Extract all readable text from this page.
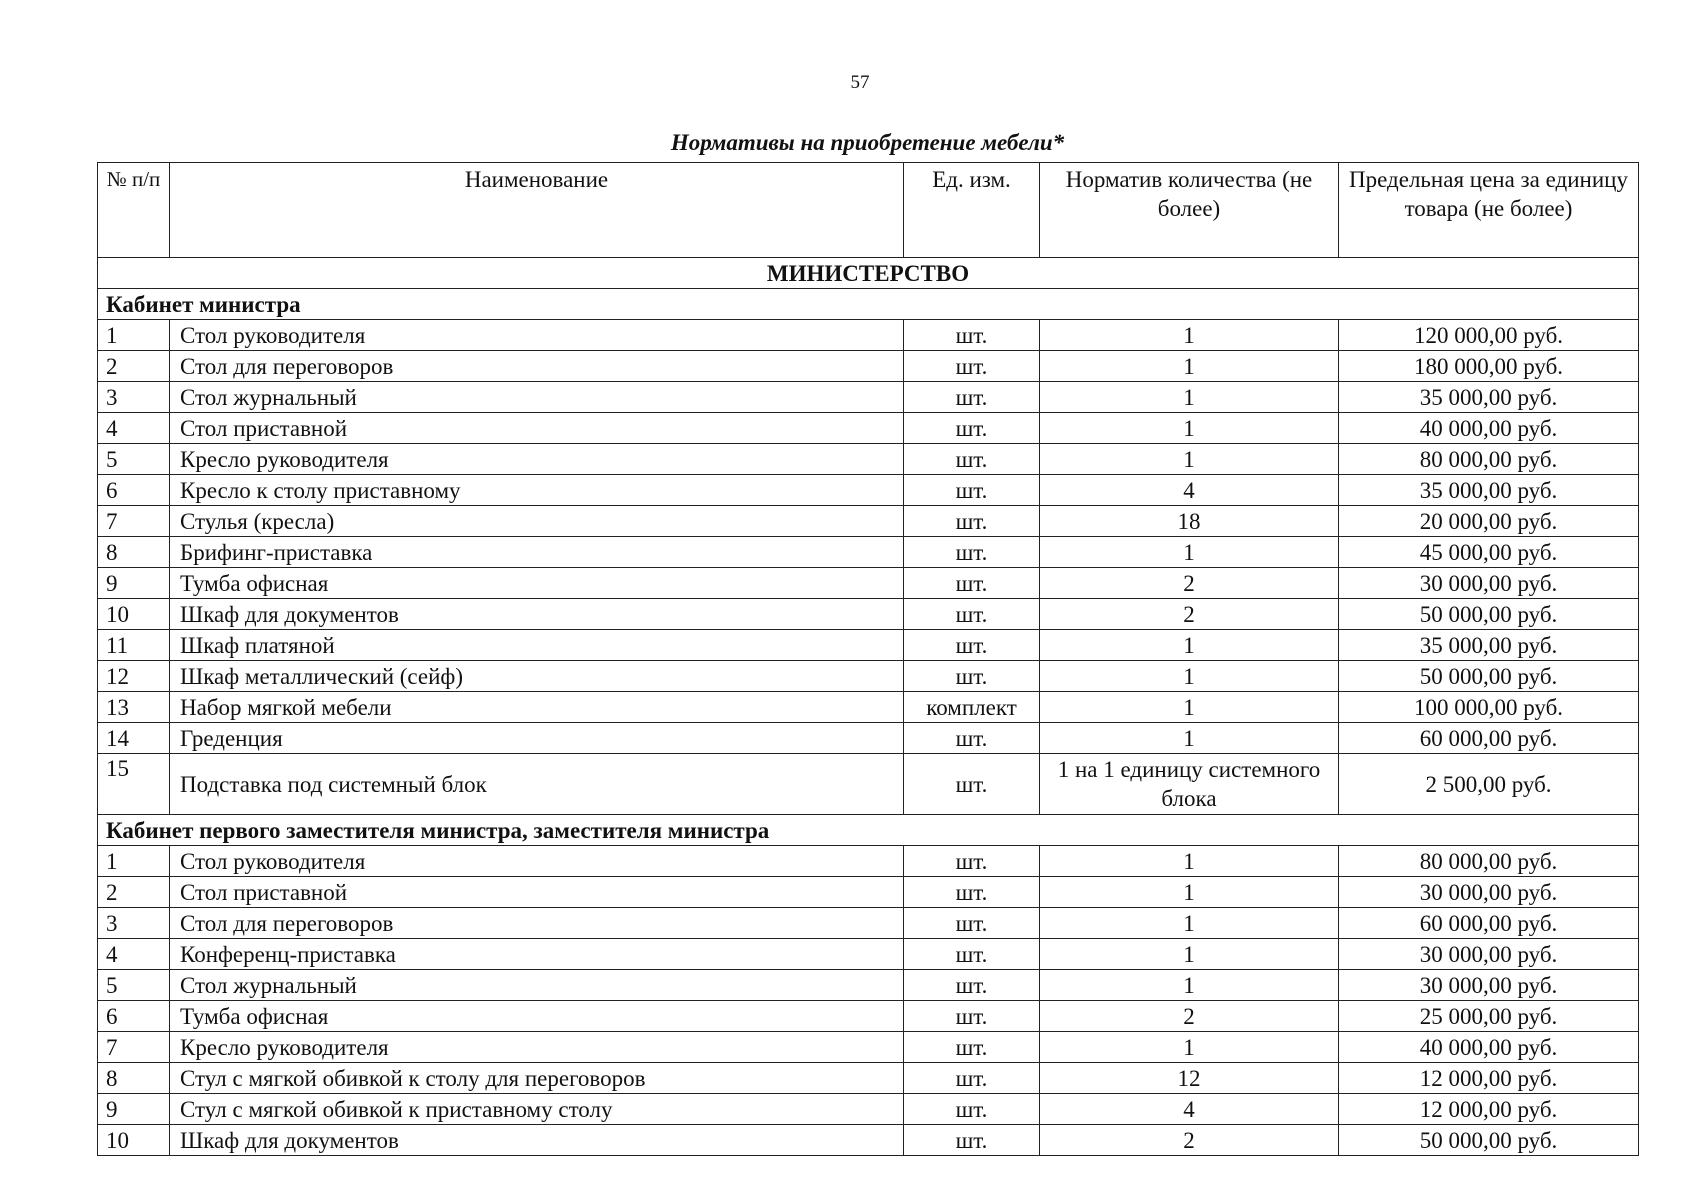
57
Нормативы на приобретение мебели*
№ п/п	Наименование	Ед. изм.	Норматив количества (не более)	Предельная цена за единицу товара (не более)
МИНИСТЕРСТВО				
Кабинет министра				
1	Стол руководителя	шт.	1	120 000,00 руб.
2	Стол для переговоров	шт.	1	180 000,00 руб.
3	Стол журнальный	шт.	1	35 000,00 руб.
4	Стол приставной	шт.	1	40 000,00 руб.
5	Кресло руководителя	шт.	1	80 000,00 руб.
6	Кресло к столу приставному	шт.	4	35 000,00 руб.
7	Стулья (кресла)	шт.	18	20 000,00 руб.
8	Брифинг-приставка	шт.	1	45 000,00 руб.
9	Тумба офисная	шт.	2	30 000,00 руб.
10	Шкаф для документов	шт.	2	50 000,00 руб.
11	Шкаф платяной	шт.	1	35 000,00 руб.
12	Шкаф металлический (сейф)	шт.	1	50 000,00 руб.
13	Набор мягкой мебели	комплект	1	100 000,00 руб.
14	Греденция	шт.	1	60 000,00 руб.
15	Подставка под системный блок	шт.	1 на 1 единицу системного блока	2 500,00 руб.
Кабинет первого заместителя министра, заместителя министра				
1	Стол руководителя	шт.	1	80 000,00 руб.
2	Стол приставной	шт.	1	30 000,00 руб.
3	Стол для переговоров	шт.	1	60 000,00 руб.
4	Конференц-приставка	шт.	1	30 000,00 руб.
5	Стол журнальный	шт.	1	30 000,00 руб.
6	Тумба офисная	шт.	2	25 000,00 руб.
7	Кресло руководителя	шт.	1	40 000,00 руб.
8	Стул с мягкой обивкой к столу для переговоров	шт.	12	12 000,00 руб.
9	Стул с мягкой обивкой к приставному столу	шт.	4	12 000,00 руб.
10	Шкаф для документов	шт.	2	50 000,00 руб.
